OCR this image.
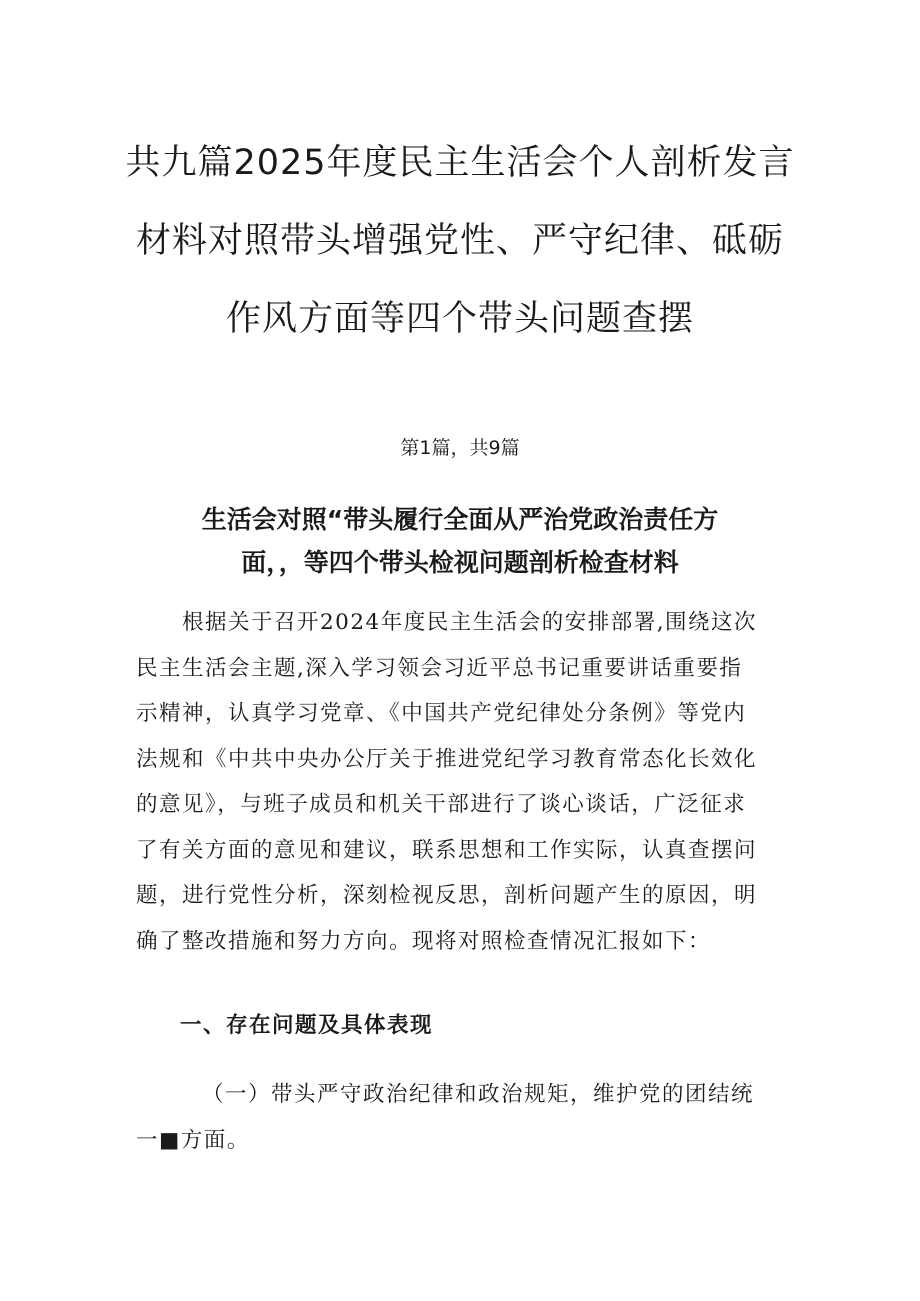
共九篇2025年度民主生活会个人剖析发言
材料对照带头增强党性、严守纪律、砥砺
作风方面等四个带头问题查摆
第1篇，共9篇
生活会对照“带头履行全面从严治党政治责任方
面，，等四个带头检视问题剖析检查材料

根据关于召开2024年度民主生活会的安排部署,围绕这次
民主生活会主题,深入学习领会习近平总书记重要讲话重要指
示精神，认真学习党章、《中国共产党纪律处分条例》等党内
法规和《中共中央办公厅关于推进党纪学习教育常态化长效化
的意见》，与班子成员和机关干部进行了谈心谈话，广泛征求
了有关方面的意见和建议，联系思想和工作实际，认真查摆问
题，进行党性分析，深刻检视反思，剖析问题产生的原因，明
确了整改措施和努力方向。现将对照检查情况汇报如下：

一、存在问题及具体表现

（一）带头严守政治纪律和政治规矩，维护党的团结统
一■方面。
